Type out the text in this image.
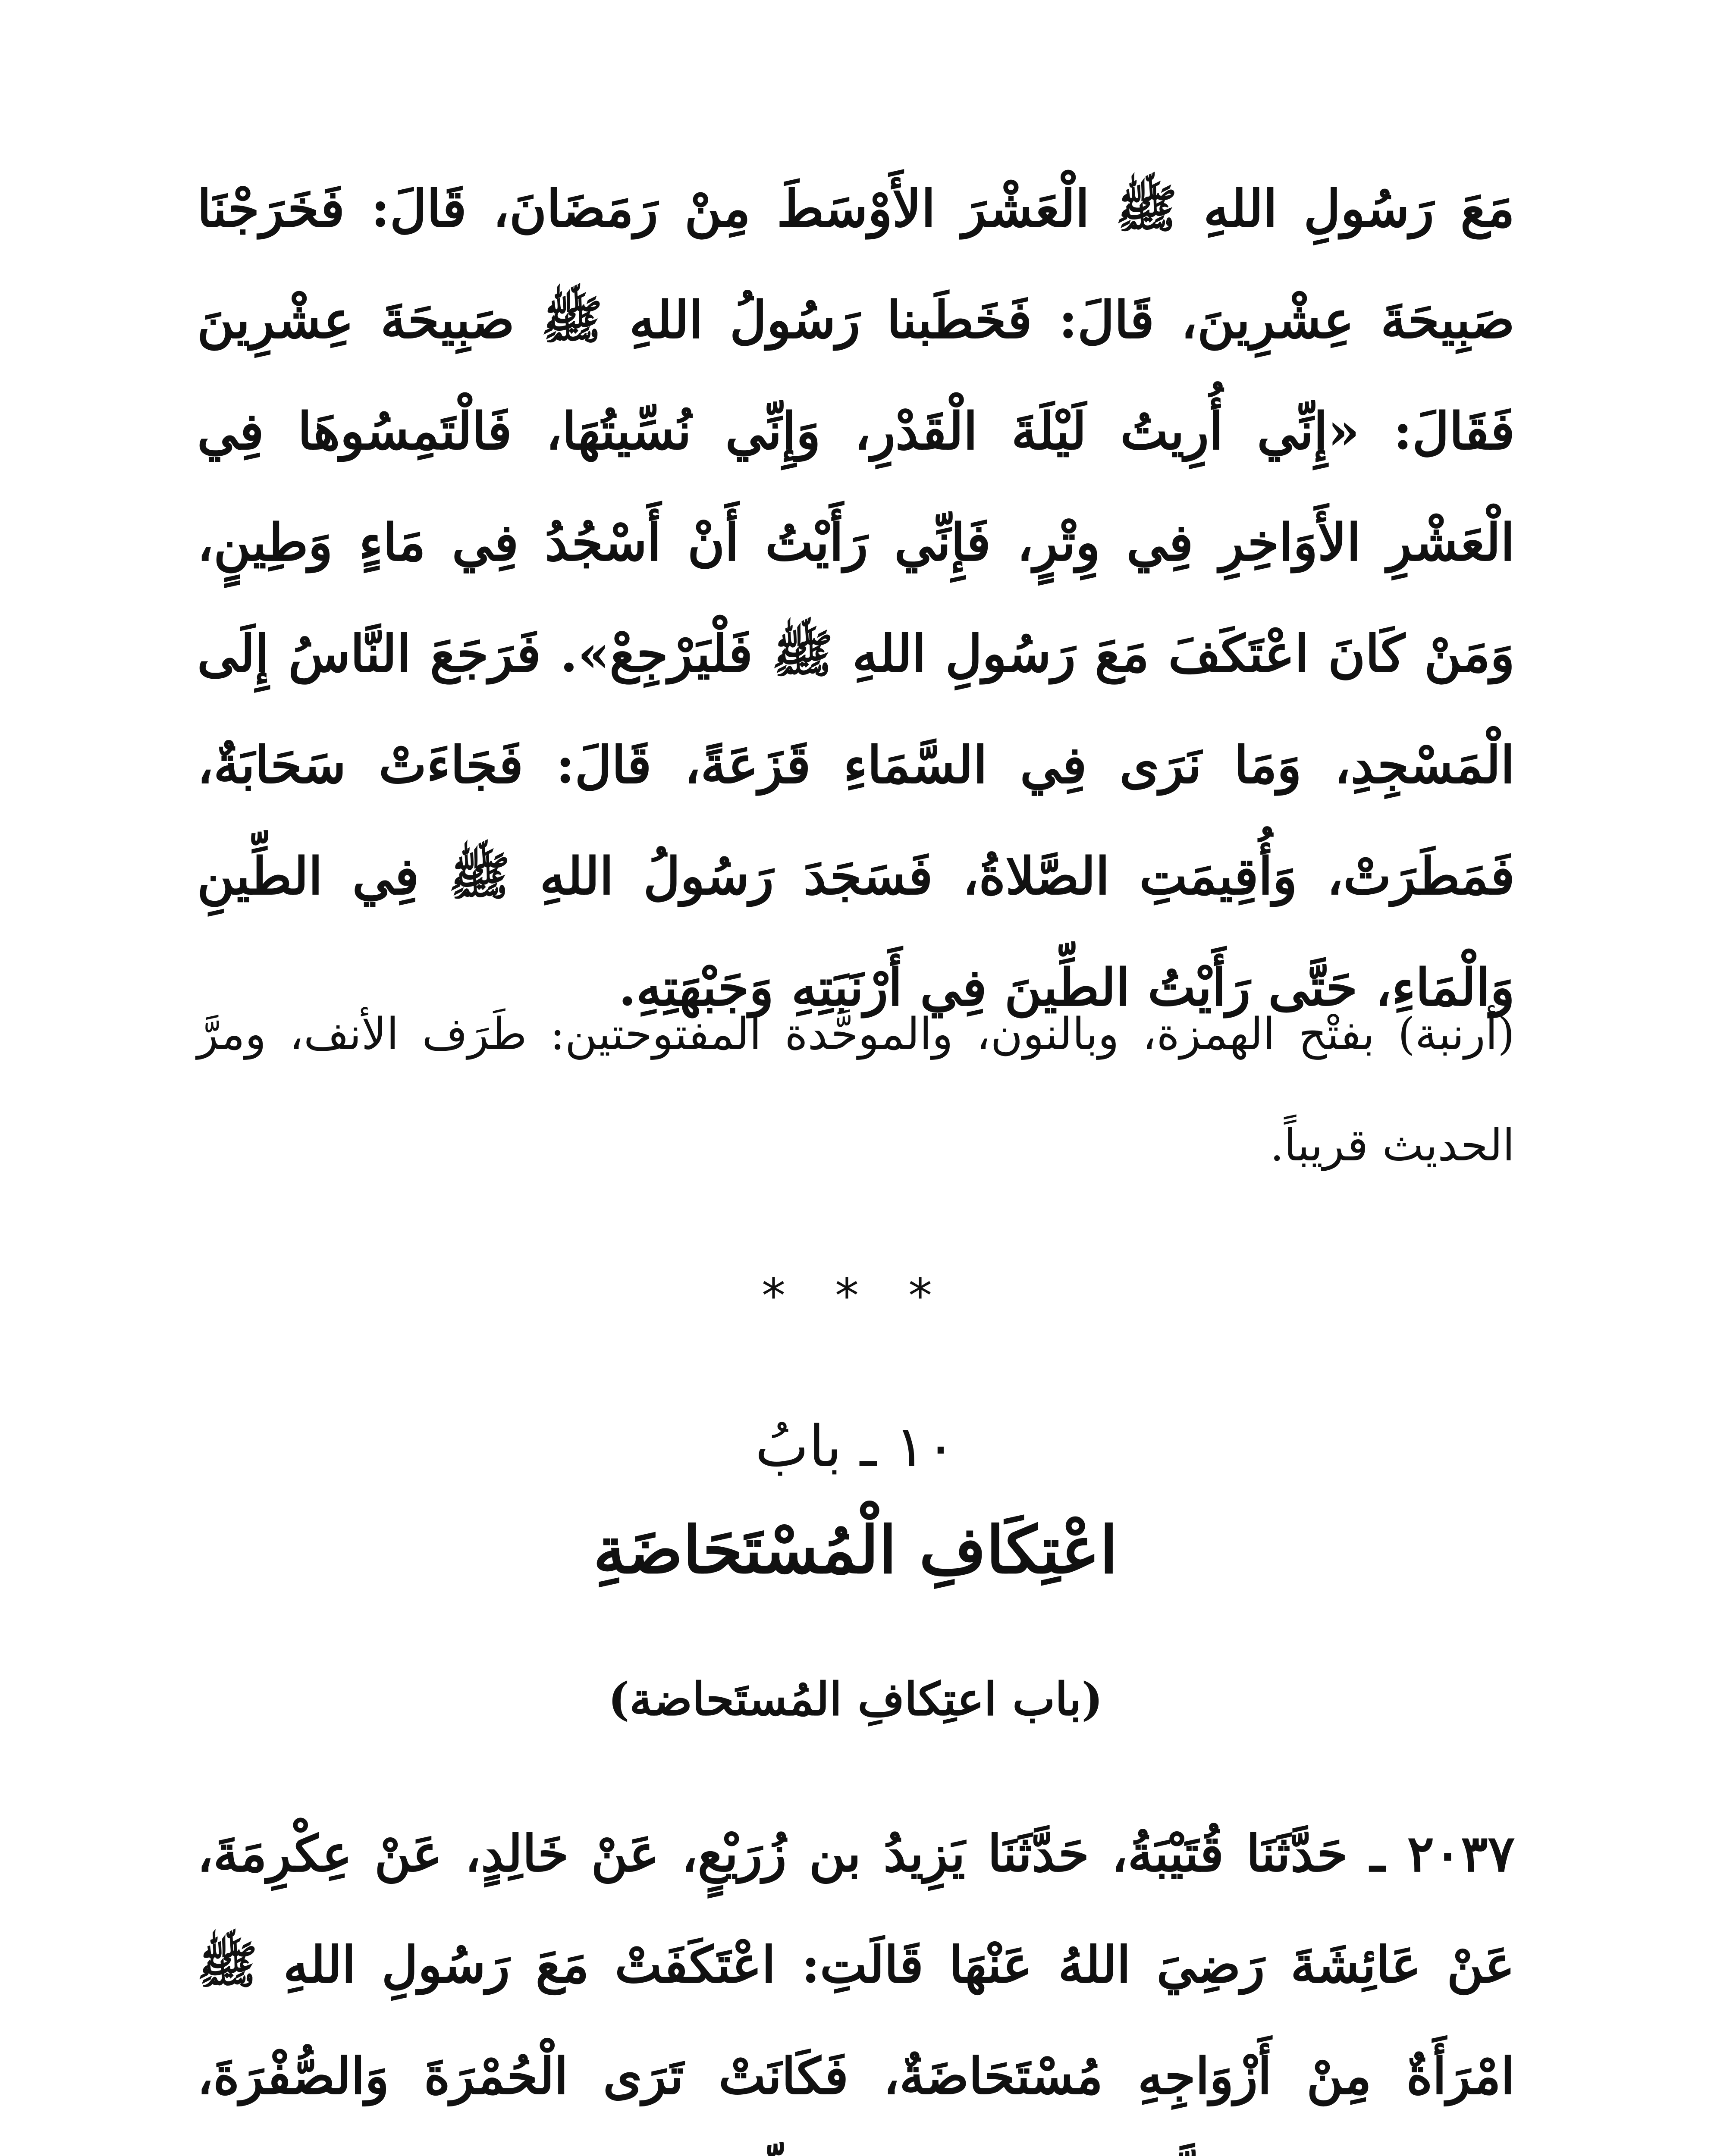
مَعَ رَسُولِ اللهِ ﷺ الْعَشْرَ الأَوْسَطَ مِنْ رَمَضَانَ، قَالَ: فَخَرَجْنَا صَبِيحَةَ عِشْرِينَ، قَالَ: فَخَطَبنا رَسُولُ اللهِ ﷺ صَبِيحَةَ عِشْرِينَ فَقَالَ: «إِنِّي أُرِيتُ لَيْلَةَ الْقَدْرِ، وَإِنِّي نُسِّيتُهَا، فَالْتَمِسُوهَا فِي الْعَشْرِ الأَوَاخِرِ فِي وِتْرٍ، فَإِنِّي رَأَيْتُ أَنْ أَسْجُدُ فِي مَاءٍ وَطِينٍ، وَمَنْ كَانَ اعْتَكَفَ مَعَ رَسُولِ اللهِ ﷺ فَلْيَرْجِعْ». فَرَجَعَ النَّاسُ إِلَى الْمَسْجِدِ، وَمَا نَرَى فِي السَّمَاءِ قَزَعَةً، قَالَ: فَجَاءَتْ سَحَابَةٌ، فَمَطَرَتْ، وَأُقِيمَتِ الصَّلاةُ، فَسَجَدَ رَسُولُ اللهِ ﷺ فِي الطِّينِ وَالْمَاءِ، حَتَّى رَأَيْتُ الطِّينَ فِي أَرْنَبَتِهِ وَجَبْهَتِهِ.

(أرنبة) بفتْح الهمزة، وبالنون، والموحَّدة المفتوحتين: طَرَف الأنف، ومرَّ الحديث قريباً.

* * *
١٠ ـ بابُ
اعْتِكَافِ الْمُسْتَحَاضَةِ
(باب اعتِكافِ المُستَحاضة)

٢٠٣٧ ـ حَدَّثَنَا قُتَيْبَةُ، حَدَّثَنَا يَزِيدُ بن زُرَيْعٍ، عَنْ خَالِدٍ، عَنْ عِكْرِمَةَ، عَنْ عَائِشَةَ رَضِيَ اللهُ عَنْهَا قَالَتِ: اعْتَكَفَتْ مَعَ رَسُولِ اللهِ ﷺ امْرَأَةٌ مِنْ أَزْوَاجِهِ مُسْتَحَاضَةٌ، فَكَانَتْ تَرَى الْحُمْرَةَ وَالصُّفْرَةَ،
